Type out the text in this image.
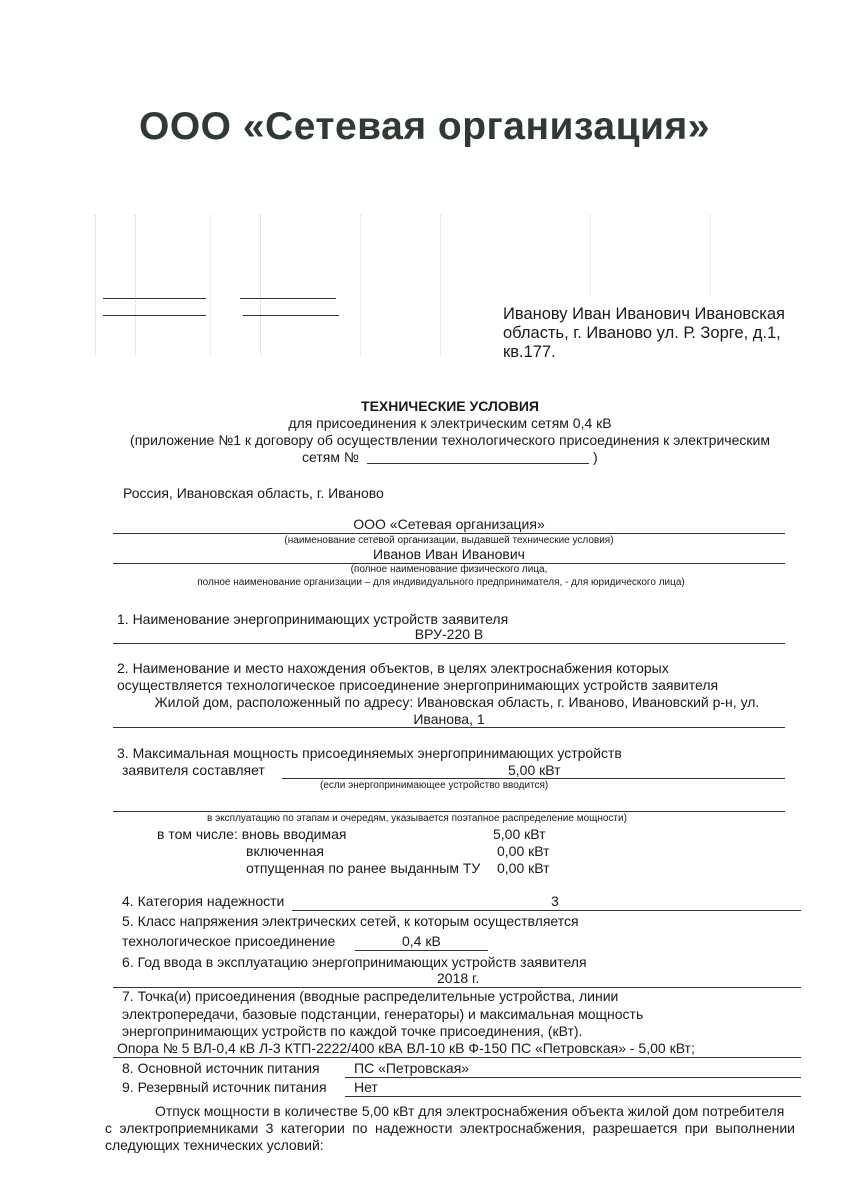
ООО «Сетевая организация»
Иванову Иван Иванович Ивановская
область, г. Иваново ул. Р. Зорге, д.1,
кв.177.
ТЕХНИЧЕСКИЕ УСЛОВИЯ
для присоединения к электрическим сетям 0,4 кВ
(приложение №1 к договору об осуществлении технологического присоединения к электрическим
сетям №	)
Россия, Ивановская область, г. Иваново
ООО «Сетевая организация»
(наименование сетевой организации, выдавшей технические условия)
Иванов Иван Иванович
(полное наименование физического лица,
полное наименование организации – для индивидуального предпринимателя, - для юридического лица)
1. Наименование энергопринимающих устройств заявителя
ВРУ-220 В
2. Наименование и место нахождения объектов, в целях электроснабжения которых
осуществляется технологическое присоединение энергопринимающих устройств заявителя
Жилой дом, расположенный по адресу: Ивановская область, г. Иваново, Ивановский р-н, ул.
Иванова, 1
3. Максимальная мощность присоединяемых энергопринимающих устройств
заявителя составляет	5,00 кВт
(если энергопринимающее устройство вводится)
в эксплуатацию по этапам и очередям, указывается поэтапное распределение мощности)
в том числе: вновь вводимая	5,00 кВт
включенная	0,00 кВт
отпущенная по ранее выданным ТУ 0,00 кВт
4. Категория надежности	3
5. Класс напряжения электрических сетей, к которым осуществляется
технологическое присоединение	0,4 кВ
6. Год ввода в эксплуатацию энергопринимающих устройств заявителя
2018 г.
7. Точка(и) присоединения (вводные распределительные устройства, линии
электропередачи, базовые подстанции, генераторы) и максимальная мощность
энергопринимающих устройств по каждой точке присоединения, (кВт).
Опора № 5 ВЛ-0,4 кВ Л-3 КТП-2222/400 кВА ВЛ-10 кВ Ф-150 ПС «Петровская» - 5,00 кВт;
8. Основной источник питания ПС «Петровская»
9. Резервный источник питания Нет
Отпуск мощности в количестве 5,00 кВт для электроснабжения объекта жилой дом потребителя
с электроприемниками 3 категории по надежности электроснабжения, разрешается при выполнении
следующих технических условий:
